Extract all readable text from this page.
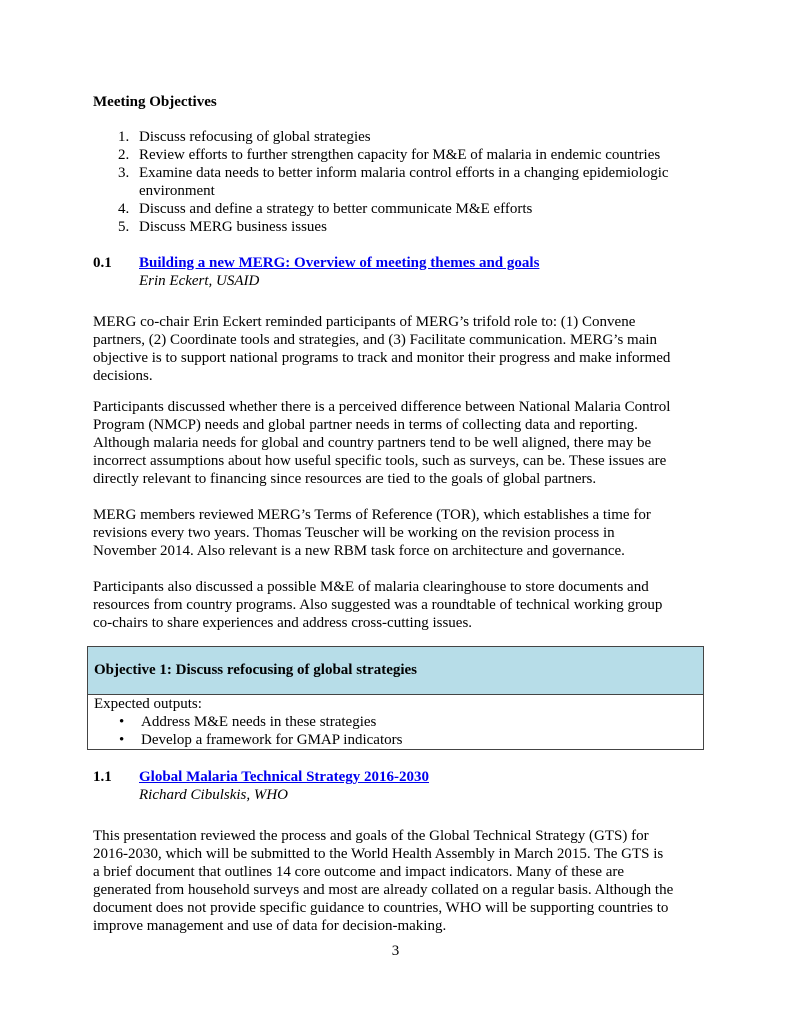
Meeting Objectives
1. Discuss refocusing of global strategies
2. Review efforts to further strengthen capacity for M&E of malaria in endemic countries
3. Examine data needs to better inform malaria control efforts in a changing epidemiologic
environment
4. Discuss and define a strategy to better communicate M&E efforts
5. Discuss MERG business issues
0.1 Building a new MERG: Overview of meeting themes and goals
Erin Eckert, USAID
MERG co-chair Erin Eckert reminded participants of MERG’s trifold role to: (1) Convene
partners, (2) Coordinate tools and strategies, and (3) Facilitate communication. MERG’s main
objective is to support national programs to track and monitor their progress and make informed
decisions.
Participants discussed whether there is a perceived difference between National Malaria Control
Program (NMCP) needs and global partner needs in terms of collecting data and reporting.
Although malaria needs for global and country partners tend to be well aligned, there may be
incorrect assumptions about how useful specific tools, such as surveys, can be. These issues are
directly relevant to financing since resources are tied to the goals of global partners.
MERG members reviewed MERG’s Terms of Reference (TOR), which establishes a time for
revisions every two years. Thomas Teuscher will be working on the revision process in
November 2014. Also relevant is a new RBM task force on architecture and governance.
Participants also discussed a possible M&E of malaria clearinghouse to store documents and
resources from country programs. Also suggested was a roundtable of technical working group
co-chairs to share experiences and address cross-cutting issues.
Objective 1: Discuss refocusing of global strategies
Expected outputs:
• Address M&E needs in these strategies
• Develop a framework for GMAP indicators
1.1 Global Malaria Technical Strategy 2016-2030
Richard Cibulskis, WHO
This presentation reviewed the process and goals of the Global Technical Strategy (GTS) for
2016-2030, which will be submitted to the World Health Assembly in March 2015. The GTS is
a brief document that outlines 14 core outcome and impact indicators. Many of these are
generated from household surveys and most are already collated on a regular basis. Although the
document does not provide specific guidance to countries, WHO will be supporting countries to
improve management and use of data for decision-making.
3
